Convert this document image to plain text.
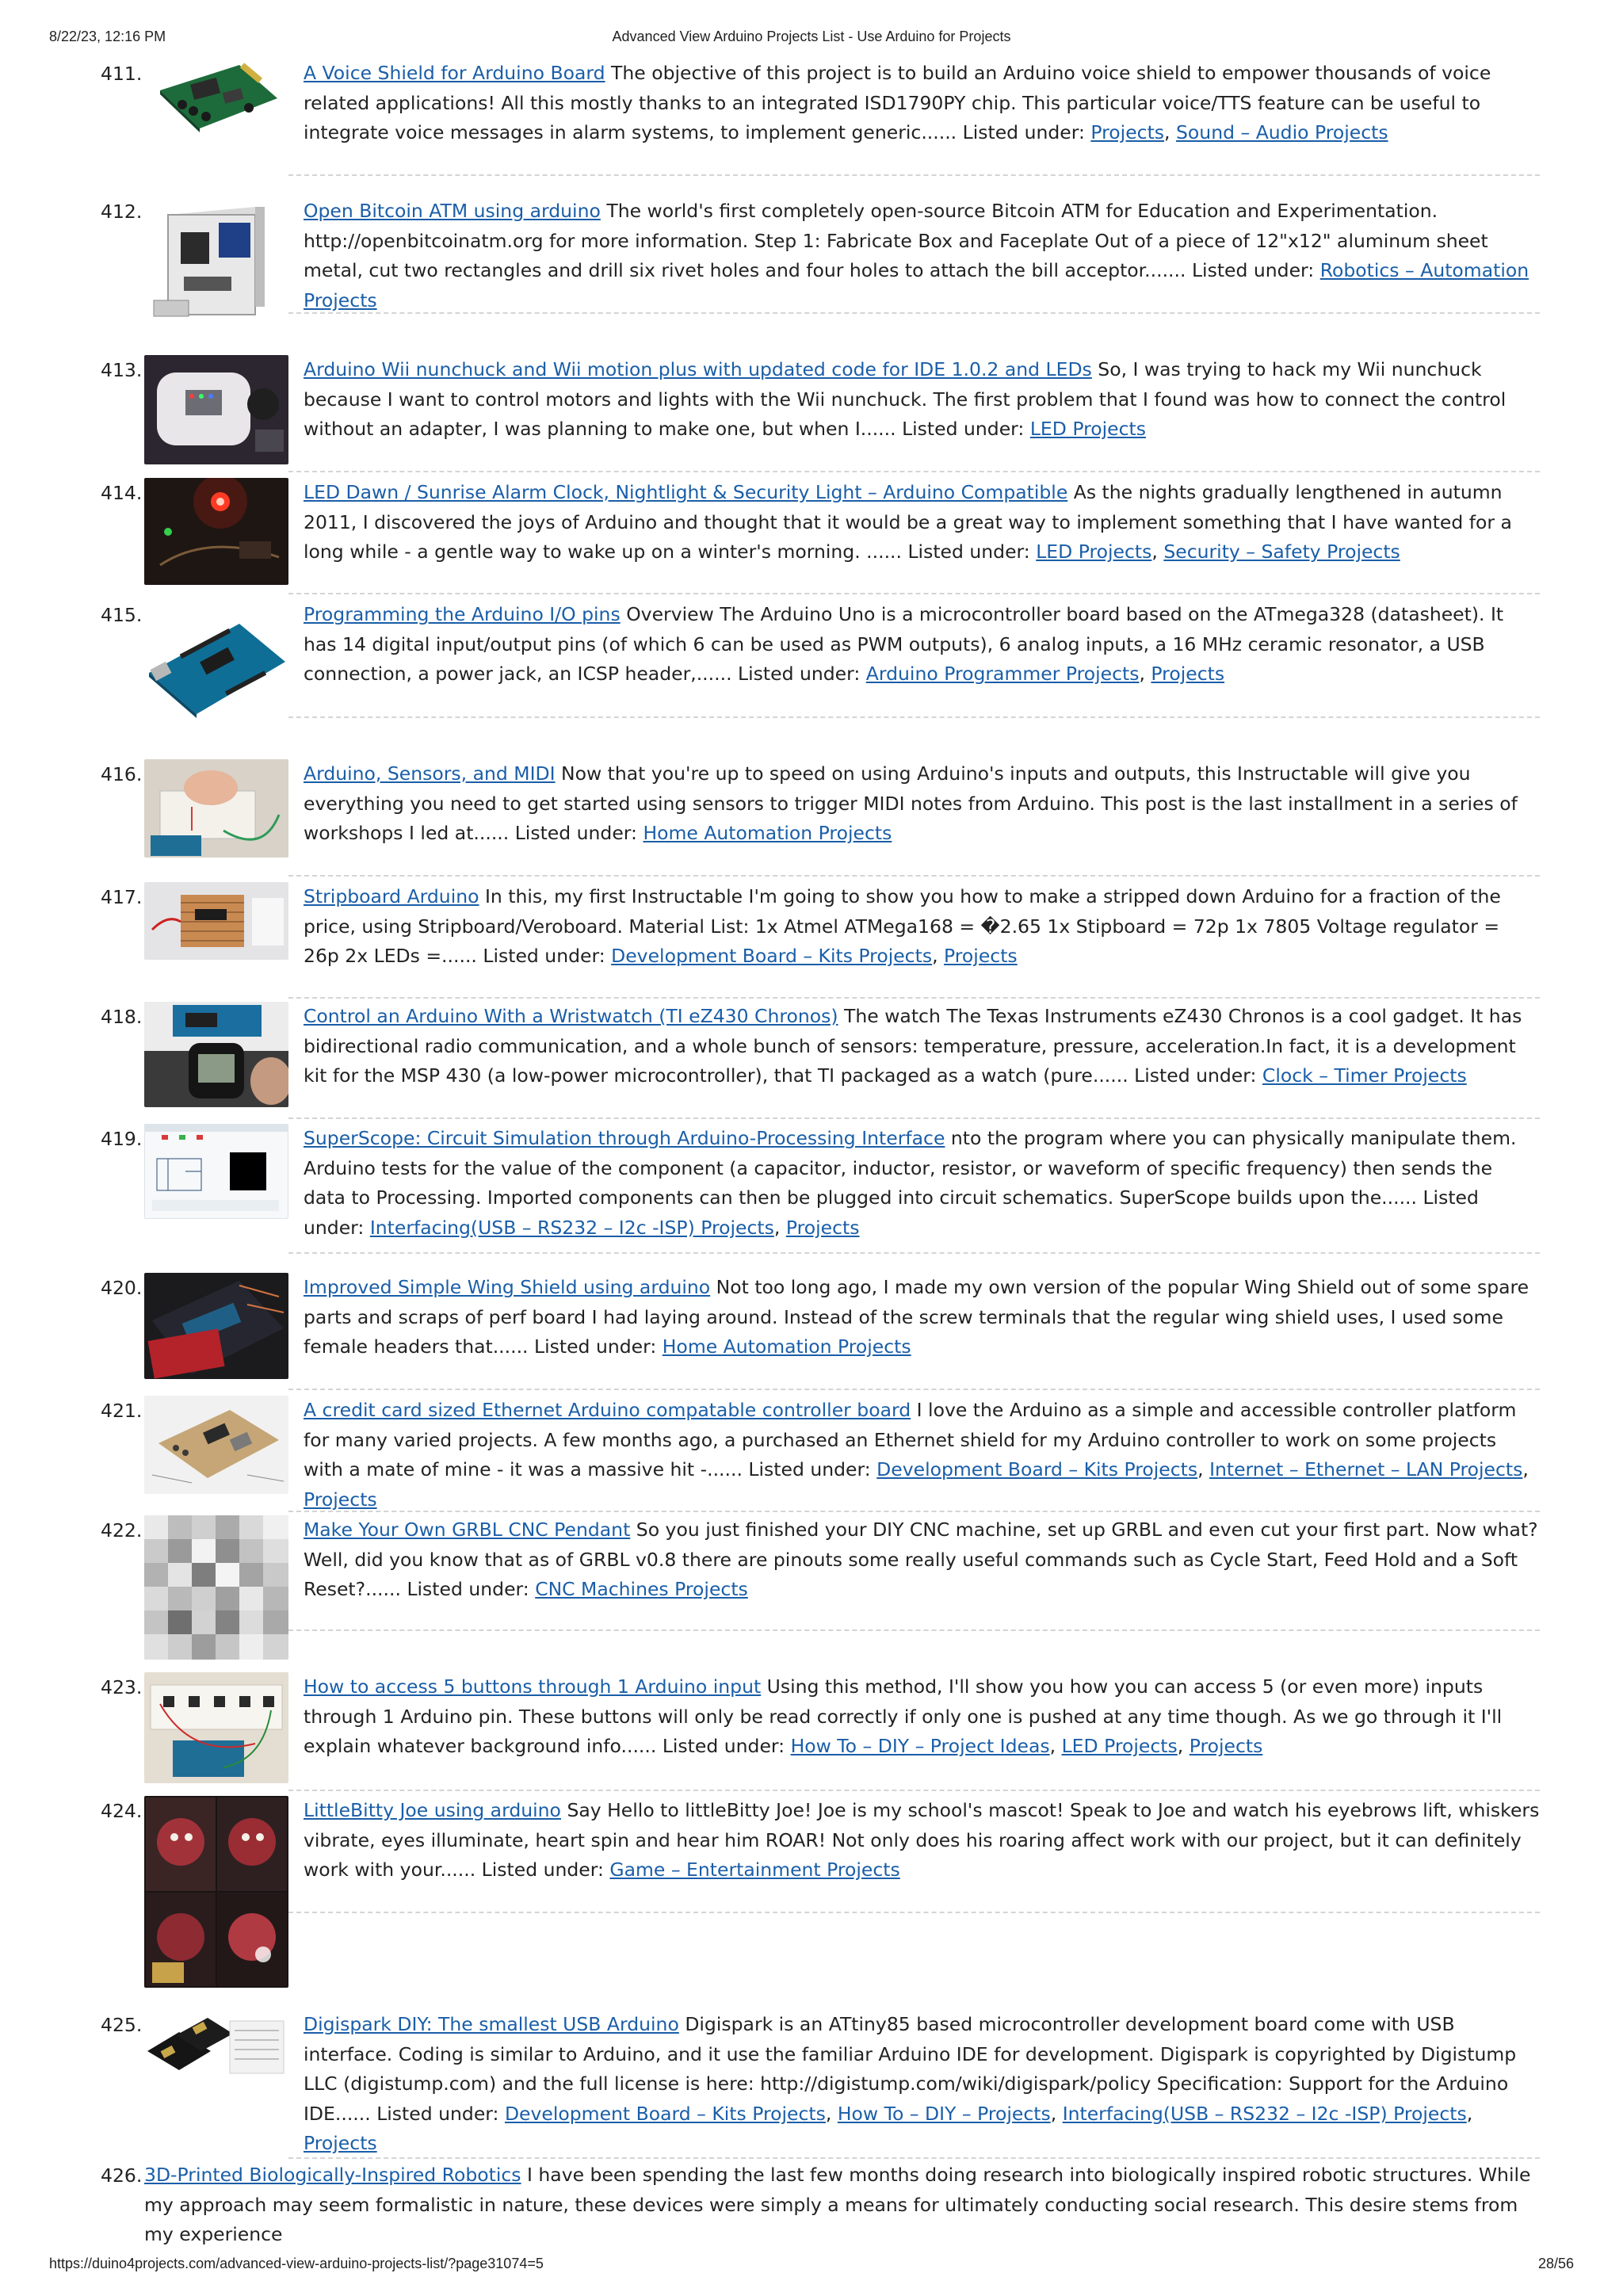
8/22/23, 12:16 PM	Advanced View Arduino Projects List - Use Arduino for Projects
411.	A Voice Shield for Arduino Board The objective of this project is to build an Arduino voice shield to empower thousands of voice related applications! All this mostly thanks to an integrated ISD1790PY chip. This particular voice/TTS feature can be useful to integrate voice messages in alarm systems, to implement generic...... Listed under: Projects, Sound – Audio Projects
412.	Open Bitcoin ATM using arduino The world's first completely open-source Bitcoin ATM for Education and Experimentation. http://openbitcoinatm.org for more information. Step 1: Fabricate Box and Faceplate Out of a piece of 12"x12" aluminum sheet metal, cut two rectangles and drill six rivet holes and four holes to attach the bill acceptor....... Listed under: Robotics – Automation Projects
413.	Arduino Wii nunchuck and Wii motion plus with updated code for IDE 1.0.2 and LEDs So, I was trying to hack my Wii nunchuck because I want to control motors and lights with the Wii nunchuck. The first problem that I found was how to connect the control without an adapter, I was planning to make one, but when I...... Listed under: LED Projects
414.	LED Dawn / Sunrise Alarm Clock, Nightlight & Security Light – Arduino Compatible As the nights gradually lengthened in autumn 2011, I discovered the joys of Arduino and thought that it would be a great way to implement something that I have wanted for a long while - a gentle way to wake up on a winter's morning. ...... Listed under: LED Projects, Security – Safety Projects
415.	Programming the Arduino I/O pins Overview The Arduino Uno is a microcontroller board based on the ATmega328 (datasheet). It has 14 digital input/output pins (of which 6 can be used as PWM outputs), 6 analog inputs, a 16 MHz ceramic resonator, a USB connection, a power jack, an ICSP header,...... Listed under: Arduino Programmer Projects, Projects
416.	Arduino, Sensors, and MIDI Now that you're up to speed on using Arduino's inputs and outputs, this Instructable will give you everything you need to get started using sensors to trigger MIDI notes from Arduino. This post is the last installment in a series of workshops I led at...... Listed under: Home Automation Projects
417.	Stripboard Arduino In this, my first Instructable I'm going to show you how to make a stripped down Arduino for a fraction of the price, using Stripboard/Veroboard. Material List: 1x Atmel ATMega168 = �2.65 1x Stipboard = 72p 1x 7805 Voltage regulator = 26p 2x LEDs =...... Listed under: Development Board – Kits Projects, Projects
418.	Control an Arduino With a Wristwatch (TI eZ430 Chronos) The watch The Texas Instruments eZ430 Chronos is a cool gadget. It has bidirectional radio communication, and a whole bunch of sensors: temperature, pressure, acceleration.In fact, it is a development kit for the MSP 430 (a low-power microcontroller), that TI packaged as a watch (pure...... Listed under: Clock – Timer Projects
419.	SuperScope: Circuit Simulation through Arduino-Processing Interface nto the program where you can physically manipulate them. Arduino tests for the value of the component (a capacitor, inductor, resistor, or waveform of specific frequency) then sends the data to Processing. Imported components can then be plugged into circuit schematics. SuperScope builds upon the...... Listed under: Interfacing(USB – RS232 – I2c -ISP) Projects, Projects
420.	Improved Simple Wing Shield using arduino Not too long ago, I made my own version of the popular Wing Shield out of some spare parts and scraps of perf board I had laying around. Instead of the screw terminals that the regular wing shield uses, I used some female headers that...... Listed under: Home Automation Projects
421.	A credit card sized Ethernet Arduino compatable controller board I love the Arduino as a simple and accessible controller platform for many varied projects. A few months ago, a purchased an Ethernet shield for my Arduino controller to work on some projects with a mate of mine - it was a massive hit -...... Listed under: Development Board – Kits Projects, Internet – Ethernet – LAN Projects, Projects
422.	Make Your Own GRBL CNC Pendant So you just finished your DIY CNC machine, set up GRBL and even cut your first part. Now what? Well, did you know that as of GRBL v0.8 there are pinouts some really useful commands such as Cycle Start, Feed Hold and a Soft Reset?...... Listed under: CNC Machines Projects
423.	How to access 5 buttons through 1 Arduino input Using this method, I'll show you how you can access 5 (or even more) inputs through 1 Arduino pin. These buttons will only be read correctly if only one is pushed at any time though. As we go through it I'll explain whatever background info...... Listed under: How To – DIY – Project Ideas, LED Projects, Projects
424.	LittleBitty Joe using arduino Say Hello to littleBitty Joe! Joe is my school's mascot! Speak to Joe and watch his eyebrows lift, whiskers vibrate, eyes illuminate, heart spin and hear him ROAR! Not only does his roaring affect work with our project, but it can definitely work with your...... Listed under: Game – Entertainment Projects
425.	Digispark DIY: The smallest USB Arduino Digispark is an ATtiny85 based microcontroller development board come with USB interface. Coding is similar to Arduino, and it use the familiar Arduino IDE for development. Digispark is copyrighted by Digistump LLC (digistump.com) and the full license is here: http://digistump.com/wiki/digispark/policy Specification: Support for the Arduino IDE...... Listed under: Development Board – Kits Projects, How To – DIY – Projects, Interfacing(USB – RS232 – I2c -ISP) Projects, Projects
426. 3D-Printed Biologically-Inspired Robotics I have been spending the last few months doing research into biologically inspired robotic structures. While my approach may seem formalistic in nature, these devices were simply a means for ultimately conducting social research. This desire stems from my experience
https://duino4projects.com/advanced-view-arduino-projects-list/?page31074=5	28/56
